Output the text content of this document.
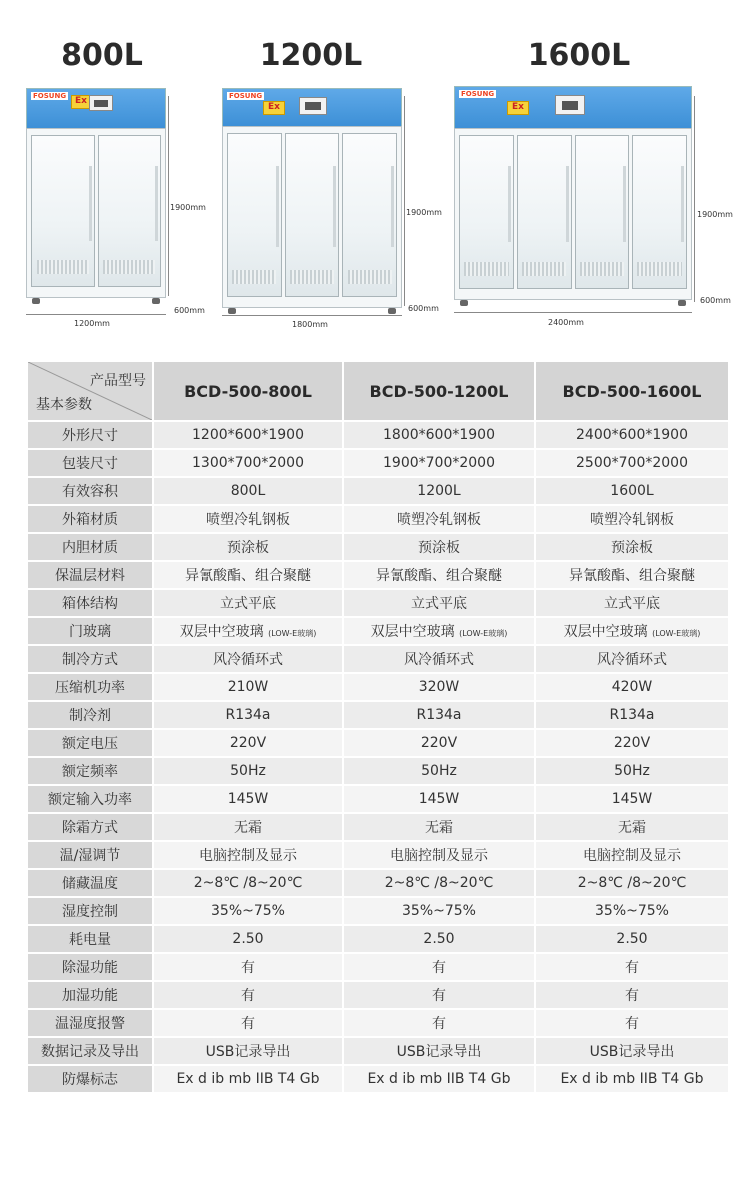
800L
FOSUNG Ex
1900mm
600mm
1200mm
1200L
FOSUNG
Ex
1900mm
600mm
1800mm
1600L
FOSUNG
Ex
1900mm
600mm
2400mm
产品型号
基本参数	BCD-500-800L	BCD-500-1200L	BCD-500-1600L
外形尺寸	1200*600*1900	1800*600*1900	2400*600*1900
包装尺寸	1300*700*2000	1900*700*2000	2500*700*2000
有效容积	800L	1200L	1600L
外箱材质	喷塑冷轧钢板	喷塑冷轧钢板	喷塑冷轧钢板
内胆材质	预涂板	预涂板	预涂板
保温层材料	异氰酸酯、组合聚醚	异氰酸酯、组合聚醚	异氰酸酯、组合聚醚
箱体结构	立式平底	立式平底	立式平底
门玻璃	双层中空玻璃 (LOW-E玻璃)	双层中空玻璃 (LOW-E玻璃)	双层中空玻璃 (LOW-E玻璃)
制冷方式	风冷循环式	风冷循环式	风冷循环式
压缩机功率	210W	320W	420W
制冷剂	R134a	R134a	R134a
额定电压	220V	220V	220V
额定频率	50Hz	50Hz	50Hz
额定输入功率	145W	145W	145W
除霜方式	无霜	无霜	无霜
温/湿调节	电脑控制及显示	电脑控制及显示	电脑控制及显示
储藏温度	2~8℃ /8~20℃	2~8℃ /8~20℃	2~8℃ /8~20℃
湿度控制	35%~75%	35%~75%	35%~75%
耗电量	2.50	2.50	2.50
除湿功能	有	有	有
加湿功能	有	有	有
温湿度报警	有	有	有
数据记录及导出	USB记录导出	USB记录导出	USB记录导出
防爆标志	Ex d ib mb IIB T4 Gb	Ex d ib mb IIB T4 Gb	Ex d ib mb IIB T4 Gb
